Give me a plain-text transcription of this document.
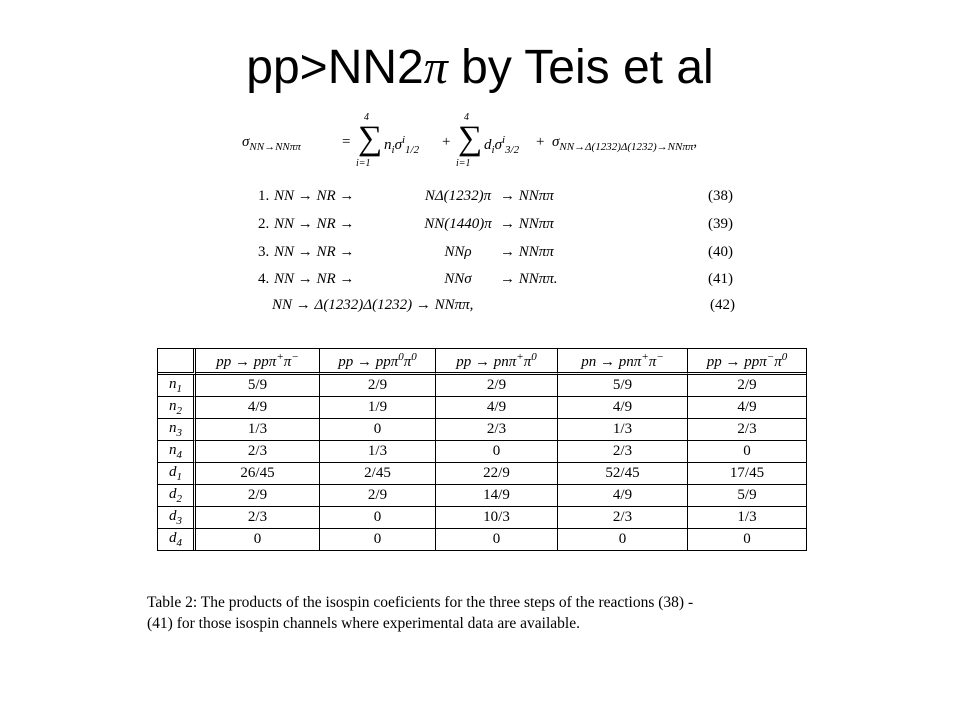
pp>NN2π by Teis et al
$\sigma_{NN\to NN\pi\pi}$	=
4
∑
i=1
$n_i\sigma^i_{1/2}$ +
4
∑
i=1
$d_i\sigma^i_{3/2} + \sigma_{NN\to\Delta(1232)\Delta(1232)\to NN\pi\pi}$,
1. NN → NR →	NΔ(1232)π → NNππ	(38)
2. NN → NR →	NN(1440)π → NNππ	(39)
3. NN → NR →	NNρ	→ NNππ	(40)
4. NN → NR →	NNσ	→ NNππ.	(41)
NN → Δ(1232)Δ(1232) → NNππ,	(42)
	pp → ppπ+π−	pp → $pp\pi^0\pi^0$	pp → $pn\pi^+\pi^0$	pn → pnπ+π−	pp → $pp\pi^-\pi^0$
$n_1$	5/9	2/9	2/9	5/9	2/9
$n_2$	4/9	1/9	4/9	4/9	4/9
$n_3$	1/3	0	2/3	1/3	2/3
$n_4$	2/3	1/3	0	2/3	0
$d_1$	26/45	2/45	22/9	52/45	17/45
$d_2$	2/9	2/9	14/9	4/9	5/9
$d_3$	2/3	0	10/3	2/3	1/3
$d_4$	0	0	0	0	0
Table 2: The products of the isospin coeficients for the three steps of the reactions (38) -
(41) for those isospin channels where experimental data are available.
